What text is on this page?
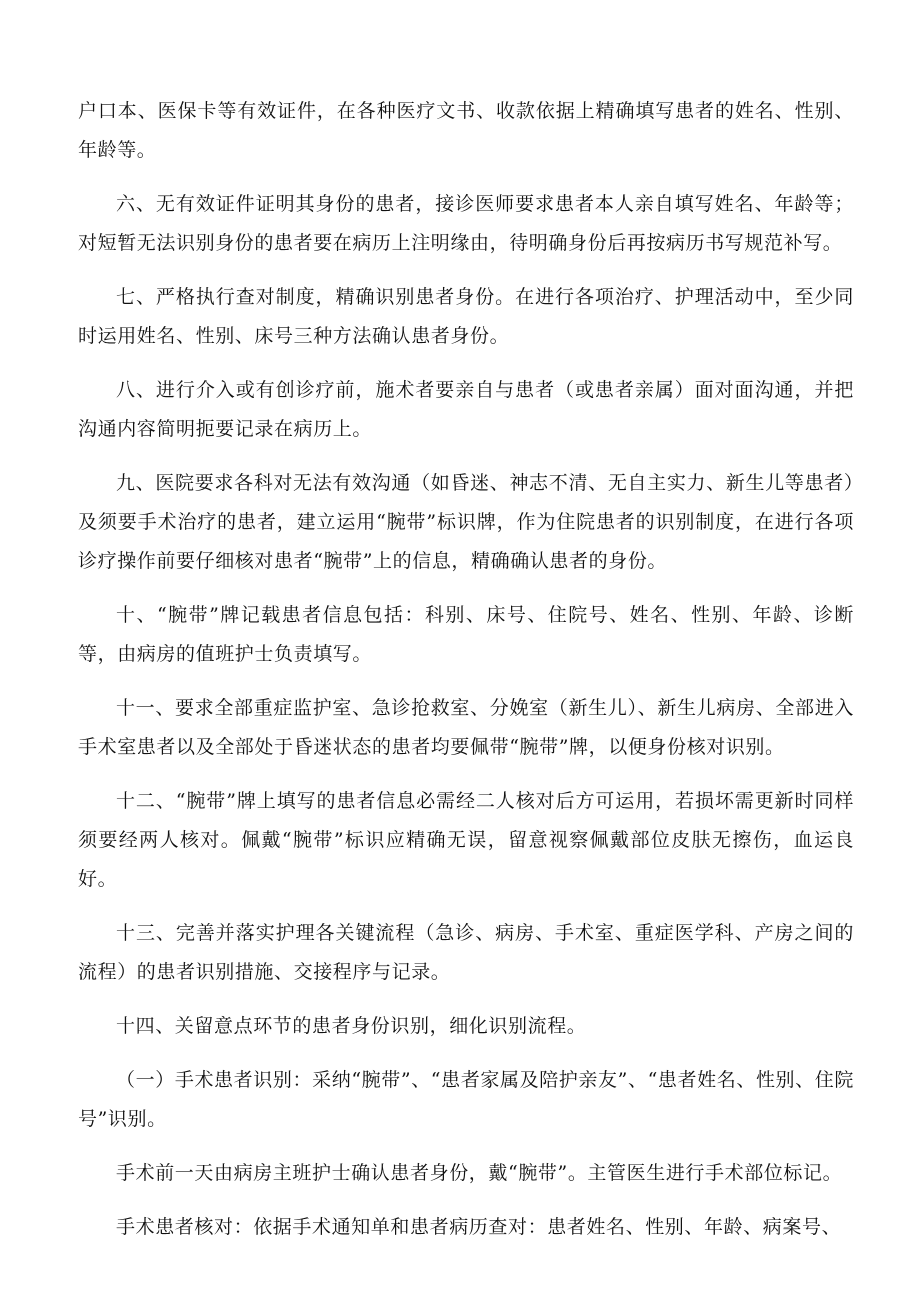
户口本、医保卡等有效证件，在各种医疗文书、收款依据上精确填写患者的姓名、性别、年龄等。

六、无有效证件证明其身份的患者，接诊医师要求患者本人亲自填写姓名、年龄等；对短暂无法识别身份的患者要在病历上注明缘由，待明确身份后再按病历书写规范补写。

七、严格执行查对制度，精确识别患者身份。在进行各项治疗、护理活动中，至少同时运用姓名、性别、床号三种方法确认患者身份。

八、进行介入或有创诊疗前，施术者要亲自与患者（或患者亲属）面对面沟通，并把沟通内容简明扼要记录在病历上。

九、医院要求各科对无法有效沟通（如昏迷、神志不清、无自主实力、新生儿等患者）及须要手术治疗的患者，建立运用“腕带”标识牌，作为住院患者的识别制度，在进行各项诊疗操作前要仔细核对患者“腕带”上的信息，精确确认患者的身份。

十、“腕带”牌记载患者信息包括：科别、床号、住院号、姓名、性别、年龄、诊断等，由病房的值班护士负责填写。

十一、要求全部重症监护室、急诊抢救室、分娩室（新生儿）、新生儿病房、全部进入手术室患者以及全部处于昏迷状态的患者均要佩带“腕带”牌，以便身份核对识别。

十二、“腕带”牌上填写的患者信息必需经二人核对后方可运用，若损坏需更新时同样须要经两人核对。佩戴“腕带”标识应精确无误，留意视察佩戴部位皮肤无擦伤，血运良好。

十三、完善并落实护理各关键流程（急诊、病房、手术室、重症医学科、产房之间的流程）的患者识别措施、交接程序与记录。

十四、关留意点环节的患者身份识别，细化识别流程。

（一）手术患者识别：采纳“腕带”、“患者家属及陪护亲友”、“患者姓名、性别、住院号”识别。

手术前一天由病房主班护士确认患者身份，戴“腕带”。主管医生进行手术部位标记。

手术患者核对：依据手术通知单和患者病历查对：患者姓名、性别、年龄、病案号、
